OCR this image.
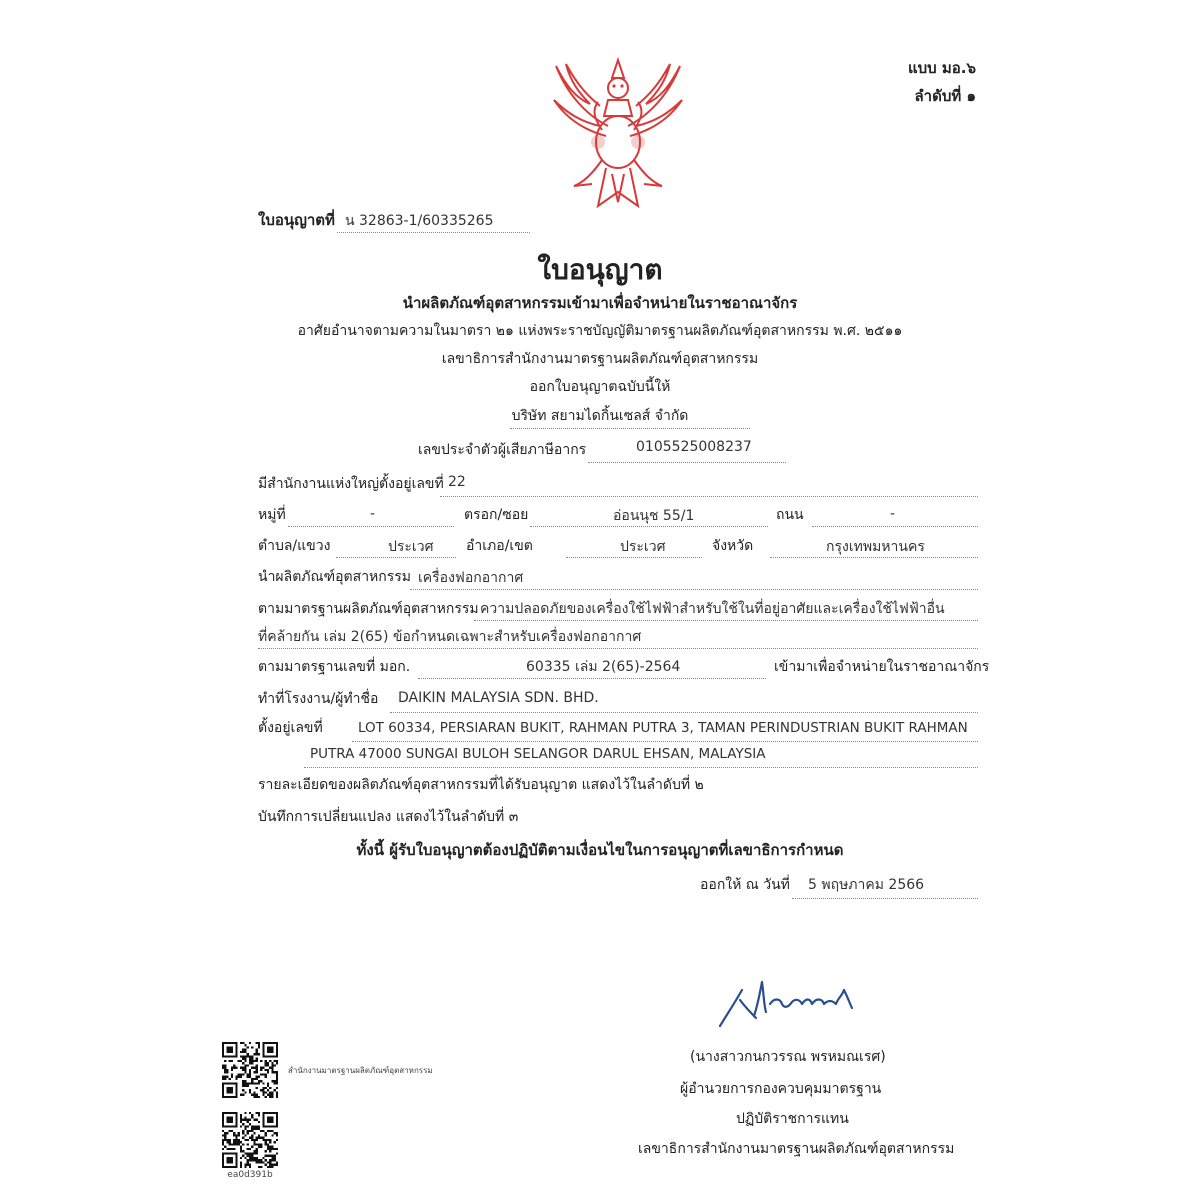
แบบ มอ.๖
ลำดับที่ ๑
ใบอนุญาตที่ น 32863-1/60335265
ใบอนุญาต
นำผลิตภัณฑ์อุตสาหกรรมเข้ามาเพื่อจำหน่ายในราชอาณาจักร
อาศัยอำนาจตามความในมาตรา ๒๑ แห่งพระราชบัญญัติมาตรฐานผลิตภัณฑ์อุตสาหกรรม พ.ศ. ๒๕๑๑
เลขาธิการสำนักงานมาตรฐานผลิตภัณฑ์อุตสาหกรรม
ออกใบอนุญาตฉบับนี้ให้
บริษัท สยามไดกิ้นเซลส์ จำกัด
เลขประจำตัวผู้เสียภาษีอากร	0105525008237
มีสำนักงานแห่งใหญ่ตั้งอยู่เลขที่ 22
หมู่ที่	-	ตรอก/ซอย	อ่อนนุช 55/1	ถนน	-
ตำบล/แขวง	ประเวศ อำเภอ/เขต	ประเวศ	จังหวัด	กรุงเทพมหานคร
นำผลิตภัณฑ์อุตสาหกรรม เครื่องฟอกอากาศ
ตามมาตรฐานผลิตภัณฑ์อุตสาหกรรม ความปลอดภัยของเครื่องใช้ไฟฟ้าสำหรับใช้ในที่อยู่อาศัยและเครื่องใช้ไฟฟ้าอื่น
ที่คล้ายกัน เล่ม 2(65) ข้อกำหนดเฉพาะสำหรับเครื่องฟอกอากาศ
ตามมาตรฐานเลขที่ มอก.	60335 เล่ม 2(65)-2564	เข้ามาเพื่อจำหน่ายในราชอาณาจักร
ทำที่โรงงาน/ผู้ทำชื่อ DAIKIN MALAYSIA SDN. BHD.
ตั้งอยู่เลขที่	LOT 60334, PERSIARAN BUKIT, RAHMAN PUTRA 3, TAMAN PERINDUSTRIAN BUKIT RAHMAN
PUTRA 47000 SUNGAI BULOH SELANGOR DARUL EHSAN, MALAYSIA
รายละเอียดของผลิตภัณฑ์อุตสาหกรรมที่ได้รับอนุญาต แสดงไว้ในลำดับที่ ๒
บันทึกการเปลี่ยนแปลง แสดงไว้ในลำดับที่ ๓
ทั้งนี้ ผู้รับใบอนุญาตต้องปฏิบัติตามเงื่อนไขในการอนุญาตที่เลขาธิการกำหนด
ออกให้ ณ วันที่ 5 พฤษภาคม 2566
(นางสาวกนกวรรณ พรหมณเรศ)
ผู้อำนวยการกองควบคุมมาตรฐาน
ปฏิบัติราชการแทน
เลขาธิการสำนักงานมาตรฐานผลิตภัณฑ์อุตสาหกรรม
สำนักงานมาตรฐานผลิตภัณฑ์อุตสาหกรรม
ea0d391b
